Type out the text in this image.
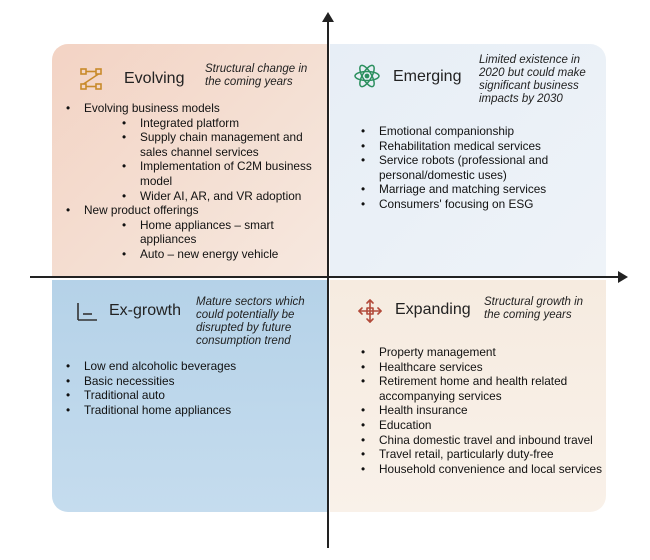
Evolving
Structural change in
the coming years
• Evolving business models
• Integrated platform
• Supply chain management and sales channel services
• Implementation of C2M business model
• Wider AI, AR, and VR adoption
• New product offerings
• Home appliances – smart appliances
• Auto – new energy vehicle
Emerging
Limited existence in
2020 but could make
significant business
impacts by 2030
• Emotional companionship
• Rehabilitation medical services
• Service robots (professional and personal/domestic uses)
• Marriage and matching services
• Consumers' focusing on ESG
Ex-growth Mature sectors which
could potentially be
disrupted by future
consumption trend
• Low end alcoholic beverages
• Basic necessities
• Traditional auto
• Traditional home appliances
Expanding Structural growth in
the coming years
• Property management
• Healthcare services
• Retirement home and health related accompanying services
• Health insurance
• Education
• China domestic travel and inbound travel
• Travel retail, particularly duty-free
• Household convenience and local services
